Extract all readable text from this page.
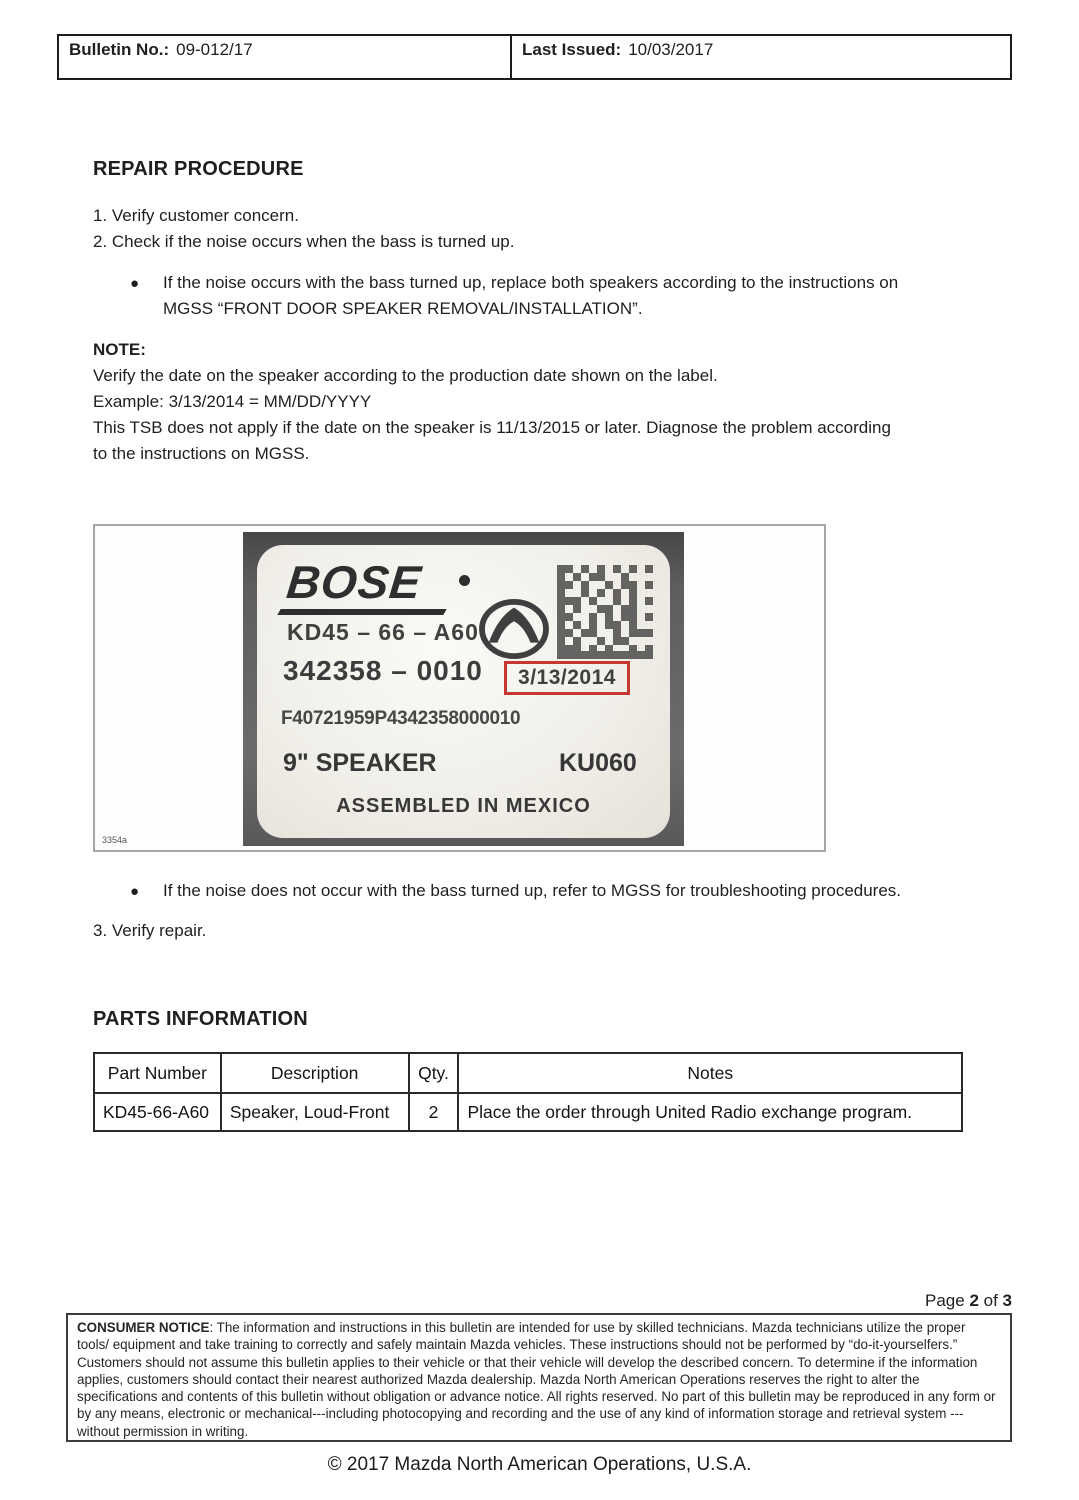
Bulletin No.: 09-012/17	Last Issued: 10/03/2017
REPAIR PROCEDURE
1. Verify customer concern.
2. Check if the noise occurs when the bass is turned up.
●	If the noise occurs with the bass turned up, replace both speakers according to the instructions on
MGSS “FRONT DOOR SPEAKER REMOVAL/INSTALLATION”.
NOTE:
Verify the date on the speaker according to the production date shown on the label.
Example: 3/13/2014 = MM/DD/YYYY
This TSB does not apply if the date on the speaker is 11/13/2015 or later. Diagnose the problem according
to the instructions on MGSS.
BOSE
KD45 – 66 – A60
342358 – 0010 3/13/2014
F40721959P4342358000010
9" SPEAKER	KU060
ASSEMBLED IN MEXICO
3354a
●	If the noise does not occur with the bass turned up, refer to MGSS for troubleshooting procedures.
3. Verify repair.
PARTS INFORMATION
Part Number	Description	Qty.	Notes
KD45-66-A60	Speaker, Loud-Front	2	Place the order through United Radio exchange program.
Page 2 of 3
CONSUMER NOTICE: The information and instructions in this bulletin are intended for use by skilled technicians. Mazda technicians utilize the proper tools/ equipment and take training to correctly and safely maintain Mazda vehicles. These instructions should not be performed by “do-it-yourselfers.” Customers should not assume this bulletin applies to their vehicle or that their vehicle will develop the described concern. To determine if the information applies, customers should contact their nearest authorized Mazda dealership. Mazda North American Operations reserves the right to alter the specifications and contents of this bulletin without obligation or advance notice. All rights reserved. No part of this bulletin may be reproduced in any form or by any means, electronic or mechanical---including photocopying and recording and the use of any kind of information storage and retrieval system ---without permission in writing.
© 2017 Mazda North American Operations, U.S.A.
